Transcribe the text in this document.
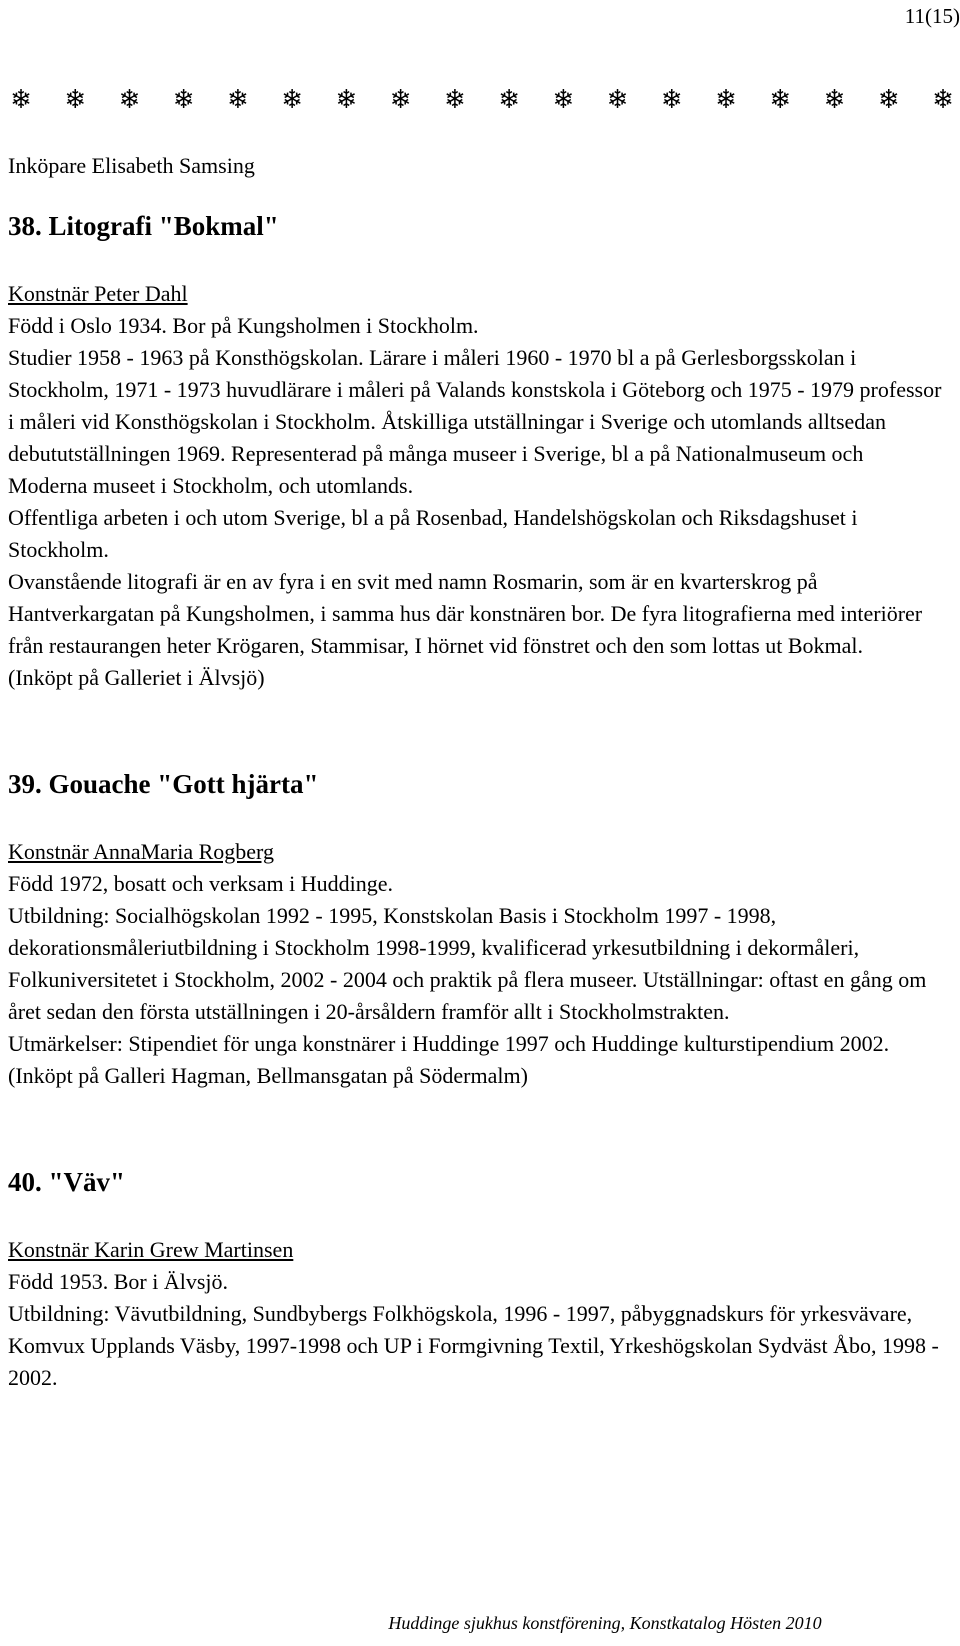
11(15)
❄ ❄ ❄ ❄ ❄ ❄ ❄ ❄ ❄ ❄ ❄ ❄ ❄ ❄ ❄ ❄ ❄ ❄

Inköpare Elisabeth Samsing

38. Litografi "Bokmal"

Konstnär Peter Dahl

Född i Oslo 1934. Bor på Kungsholmen i Stockholm.

Studier 1958 - 1963 på Konsthögskolan. Lärare i måleri 1960 - 1970 bl a på Gerlesborgsskolan i Stockholm, 1971 - 1973 huvudlärare i måleri på Valands konstskola i Göteborg och 1975 - 1979 professor i måleri vid Konsthögskolan i Stockholm. Åtskilliga utställningar i Sverige och utomlands alltsedan debututställningen 1969. Representerad på många museer i Sverige, bl a på Nationalmuseum och Moderna museet i Stockholm, och utomlands.

Offentliga arbeten i och utom Sverige, bl a på Rosenbad, Handelshögskolan och Riksdagshuset i Stockholm.

Ovanstående litografi är en av fyra i en svit med namn Rosmarin, som är en kvarterskrog på Hantverkargatan på Kungsholmen, i samma hus där konstnären bor. De fyra litografierna med interiörer från restaurangen heter Krögaren, Stammisar, I hörnet vid fönstret och den som lottas ut Bokmal.

(Inköpt på Galleriet i Älvsjö)

39. Gouache "Gott hjärta"

Konstnär AnnaMaria Rogberg

Född 1972, bosatt och verksam i Huddinge.

Utbildning: Socialhögskolan 1992 - 1995, Konstskolan Basis i Stockholm 1997 - 1998, dekorationsmåleriutbildning i Stockholm 1998-1999, kvalificerad yrkesutbildning i dekormåleri, Folkuniversitetet i Stockholm, 2002 - 2004 och praktik på flera museer. Utställningar: oftast en gång om året sedan den första utställningen i 20-årsåldern framför allt i Stockholmstrakten.

Utmärkelser: Stipendiet för unga konstnärer i Huddinge 1997 och Huddinge kulturstipendium 2002.

(Inköpt på Galleri Hagman, Bellmansgatan på Södermalm)

40. "Väv"

Konstnär Karin Grew Martinsen

Född 1953. Bor i Älvsjö.

Utbildning: Vävutbildning, Sundbybergs Folkhögskola, 1996 - 1997, påbyggnadskurs för yrkesvävare, Komvux Upplands Väsby, 1997-1998 och UP i Formgivning Textil, Yrkeshögskolan Sydväst Åbo, 1998 - 2002.

Huddinge sjukhus konstförening, Konstkatalog Hösten 2010
